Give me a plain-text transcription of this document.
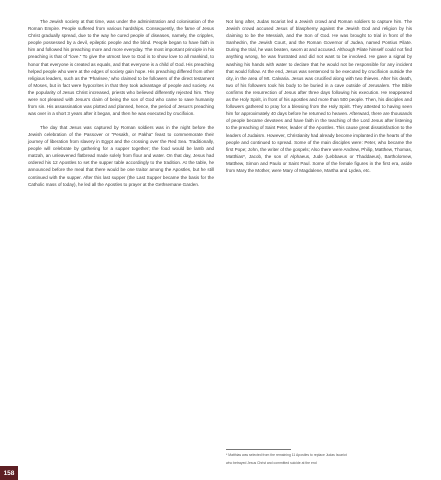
The Jewish society at that time, was under the administration and colonisation of the Roman Empire. People suffered from various hardships. Consequently, the fame of Jesus Christ gradually spread, due to the way he cured people of diseases, namely, the cripples, people possessed by a devil, epileptic people and the blind. People began to have faith in him and followed his preaching more and more everyday. The most important principle in his preaching is that of “love.” To give the utmost love to God is to show love to all mankind, to honor that everyone is created as equals, and that everyone is a child of God. His preaching helped people who were at the edges of society gain hope. His preaching differed from other religious leaders, such as the ‘Pharisee,’ who claimed to be followers of the direct testament of Moses, but in fact were hypocrites in that they took advantage of people and society. As the popularity of Jesus Christ increased, priests who believed differently rejected him. They were not pleased with Jesus’s claim of being the son of God who came to save humanity from sin. His assassination was plotted and planned, hence, the period of Jesus’s preaching was over in a short 3 years after it began, and then he was executed by crucifixion.

The day that Jesus was captured by Roman soldiers was in the night before the Jewish celebration of the Passover or “Pesakh, or Pakha” feast to commemorate their journey of liberation from slavery in Egypt and the crossing over the Red Sea. Traditionally, people will celebrate by gathering for a supper together; the food would be lamb and matzah, an unleavened flatbread made solely from flour and water. On that day, Jesus had ordered his 12 Apostles to set the supper table accordingly to the tradition. At the table, he announced before the meal that there would be one traitor among the Apostles, but he still continued with the supper. After this last supper (the Last Supper became the basis for the Catholic mass of today), he led all the Apostles to prayer at the Gethsemane Garden.

Not long after, Judas Iscariot led a Jewish crowd and Roman soldiers to capture him. The Jewish crowd accused Jesus of blasphemy against the Jewish God and religion by his claiming to be the Messiah, and the Son of God. He was brought to trial in front of the Sanhedrin, the Jewish Court, and the Roman Governor of Judea, named Pontius Pilate. During the trial, he was beaten, sworn at and accused. Although Pilate himself could not find anything wrong, he was frustrated and did not want to be involved. He gave a signal by washing his hands with water to declare that he would not be responsible for any incident that would follow. At the end, Jesus was sentenced to be executed by crucifixion outside the city, in the area of Mt. Calvaria. Jesus was crucified along with two thieves. After his death, two of his followers took his body to be buried in a cave outside of Jerusalem. The Bible confirms the resurrection of Jesus after three days following his execution. He reappeared as the Holy Spirit, in front of his apostles and more than 500 people. Then, his disciples and followers gathered to pray for a blessing from the Holy Spirit. They attested to having seen him for approximately 40 days before he returned to heaven. Afterward, there are thousands of people became devotees and have faith in the teaching of the Lord Jesus after listening to the preaching of Saint Peter, leader of the Apostles. This cause great dissatisfaction to the leaders of Judaism. However, Christianity had already become implanted in the hearts of the people and continued to spread. Some of the main disciples were: Peter, who became the first Pope; John, the writer of the gospels; Also there were Andrew, Philip, Matthew, Thomas, Matthias*, Jacob, the son of Alphaeus, Jude (Lebbaeus or Thaddaeus), Bartholomew, Matthew, Simon and Paulo or Saint Paul. Some of the female figures in the first era, aside from Mary the Mother, were Mary of Magdalene, Martha and Lydea, etc.

* Matthias was selected from the remaining 11 Apostles to replace Judas Iscariot
who betrayed Jesus Christ and committed suicide at the end
158
